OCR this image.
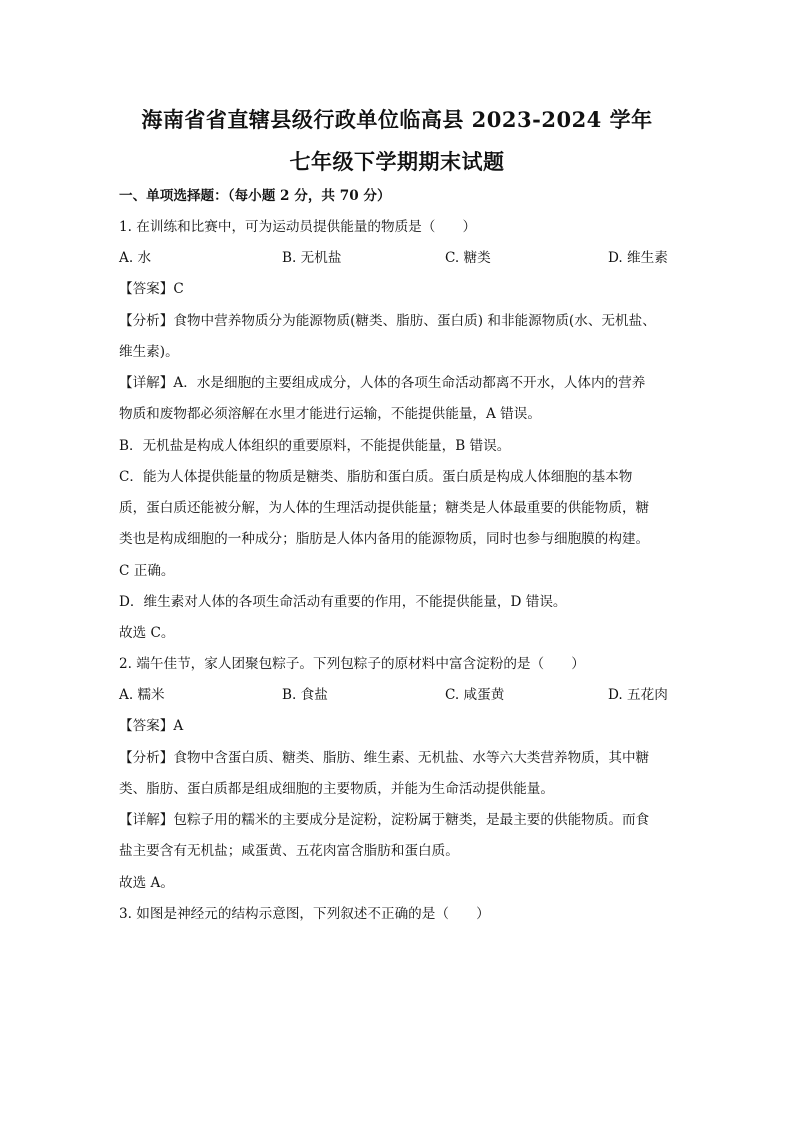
海南省省直辖县级行政单位临高县 2023-2024 学年
七年级下学期期末试题
一、单项选择题：（每小题 2 分，共 70 分）
1. 在训练和比赛中，可为运动员提供能量的物质是（　　）
A. 水	B. 无机盐	C. 糖类	D. 维生素
【答案】C
【分析】食物中营养物质分为能源物质(糖类、脂肪、蛋白质) 和非能源物质(水、无机盐、
维生素)。
【详解】A．水是细胞的主要组成成分，人体的各项生命活动都离不开水，人体内的营养
物质和废物都必须溶解在水里才能进行运输，不能提供能量，A 错误。
B．无机盐是构成人体组织的重要原料，不能提供能量，B 错误。
C．能为人体提供能量的物质是糖类、脂肪和蛋白质。蛋白质是构成人体细胞的基本物
质，蛋白质还能被分解，为人体的生理活动提供能量；糖类是人体最重要的供能物质，糖
类也是构成细胞的一种成分；脂肪是人体内备用的能源物质，同时也参与细胞膜的构建。
C 正确。
D．维生素对人体的各项生命活动有重要的作用，不能提供能量，D 错误。
故选 C。
2. 端午佳节，家人团聚包粽子。下列包粽子的原材料中富含淀粉的是（　　）
A. 糯米	B. 食盐	C. 咸蛋黄	D. 五花肉
【答案】A
【分析】食物中含蛋白质、糖类、脂肪、维生素、无机盐、水等六大类营养物质，其中糖
类、脂肪、蛋白质都是组成细胞的主要物质，并能为生命活动提供能量。
【详解】包粽子用的糯米的主要成分是淀粉，淀粉属于糖类，是最主要的供能物质。而食
盐主要含有无机盐；咸蛋黄、五花肉富含脂肪和蛋白质。
故选 A。
3. 如图是神经元的结构示意图，下列叙述不正确的是（　　）
